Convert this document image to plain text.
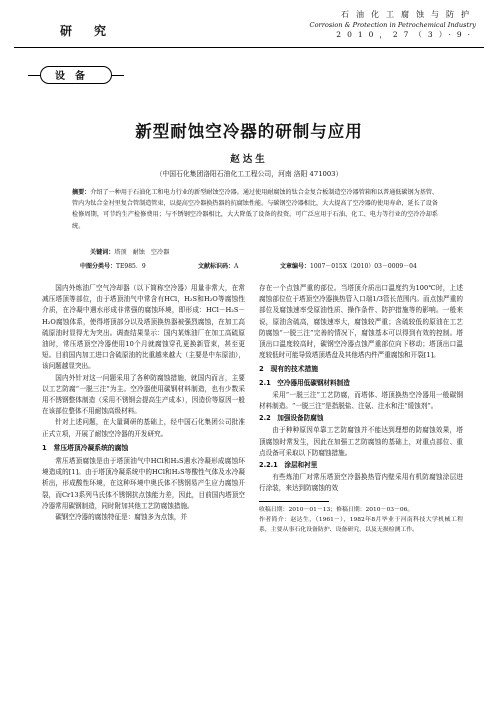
研究
石油化工腐蚀与防护
Corrosion & Protection in Petrochemical Industry
2010，27（3）·9·
设备
新型耐蚀空冷器的研制与应用
赵达生
（中国石化集团洛阳石油化工工程公司，河南 洛阳 471003）
摘要：介绍了一种用于石油化工和电力行业的新型耐蚀空冷器。通过使用耐腐蚀的钛合金复合板制造空冷器管箱和以普通低碳钢为基管、管内为钛合金衬里复合管制造管束，以提高空冷器换热器的抗腐蚀性能。与碳钢空冷器相比，大大提高了空冷器的使用寿命，延长了设备检修周期，可节约生产检修费用；与不锈钢空冷器相比，大大降低了设备的投资。可广泛应用于石油、化工、电力等行业的空冷冷却系统。
关键词：塔顶　耐蚀　空冷器
中图分类号：TE985．9	文献标识码：A	文章编号：1007－015X（2010）03－0009－04

国内外炼油厂空气冷却器（以下简称空冷器）用量非常大，在常减压塔顶等部位，由于塔顶油气中常含有HCl，H₂S和H₂O等腐蚀性介质，在冷凝中遇水形成非常强的腐蚀环境，即形成：HCl－H₂S－H₂O腐蚀体系，使得塔顶部分以及塔顶换热器被强烈腐蚀，在加工高硫原油时显得尤为突出。调查结果显示：国内某炼油厂在加工高硫原油时，常压塔顶空冷器使用10个月就腐蚀穿孔更换新管束，甚至更短。目前国内加工进口含硫原油的比重越来越大（主要是中东原油），该问题越显突出。

国内外针对这一问题采用了各种防腐蚀措施，就国内而言，主要以工艺防腐“一脱三注”为主。空冷器使用碳钢材料制造，也有少数采用不锈钢整体制造（采用不锈钢会提高生产成本），因造价等原因一般在该部位整体不用耐蚀高级材料。

针对上述问题，在大量调研的基础上，经中国石化集团公司批准正式立项，开展了耐蚀空冷器的开发研究。

1　常压塔顶冷凝系统的腐蚀

常压塔顶腐蚀是由于塔顶油气中HCl和H₂S遇水冷凝形成腐蚀环境造成的[1]。由于塔顶冷凝系统中的HCl和H₂S等酸性气体及水冷凝析出，形成酸性环境，在这种环境中奥氏体不锈钢易产生应力腐蚀开裂，而Cr13系列马氏体不锈钢抗点蚀能力差，因此，目前国内塔顶空冷器常用碳钢制造，同时附加其他工艺防腐蚀措施。

碳钢空冷器的腐蚀特征是：腐蚀多为点蚀，并

存在一个点蚀严重的部位。当塔顶介质出口温度约为100℃时，上述腐蚀部位位于塔顶空冷器换热管入口端1/3管长范围内。而点蚀严重的部位及腐蚀速率受原油性质、操作条件、防护措施等的影响。一般来说，原油含硫高，腐蚀速率大，腐蚀较严重；含硫较低的原油在工艺防腐蚀“一脱三注”完善的情况下，腐蚀基本可以得到有效的控制。塔顶出口温度较高时，碳钢空冷器点蚀严重部位向下移动；塔顶出口温度较低时可能导致塔顶塔盘及其他塔内件严重腐蚀和开裂[1]。

2　现有的技术措施
2.1　空冷器用低碳钢材料制造

采用“一脱三注”工艺防腐，而塔体、塔顶换热空冷器用一般碳钢材料制造。“一脱三注”是指脱盐、注氨、注水和注“缓蚀剂”。

2.2　加强设备防腐蚀

由于种种原因单靠工艺防腐蚀并不能达到理想的防腐蚀效果，塔顶腐蚀时常发生，因此在加强工艺防腐蚀的基础上，对重点部位、重点设备可采取以下防腐蚀措施。

2.2.1　涂层和衬里

有些炼油厂对常压塔顶空冷器换热管内壁采用有机防腐蚀涂层进行涂装，来达到防腐蚀的效

收稿日期：2010－01－13；修稿日期：2010－03－06。

作者简介：赵达生，（1961－），1982年8月毕业于河南科技大学机械工程系，主要从事石化设备防护、设备研究，以及无损检测工作。
